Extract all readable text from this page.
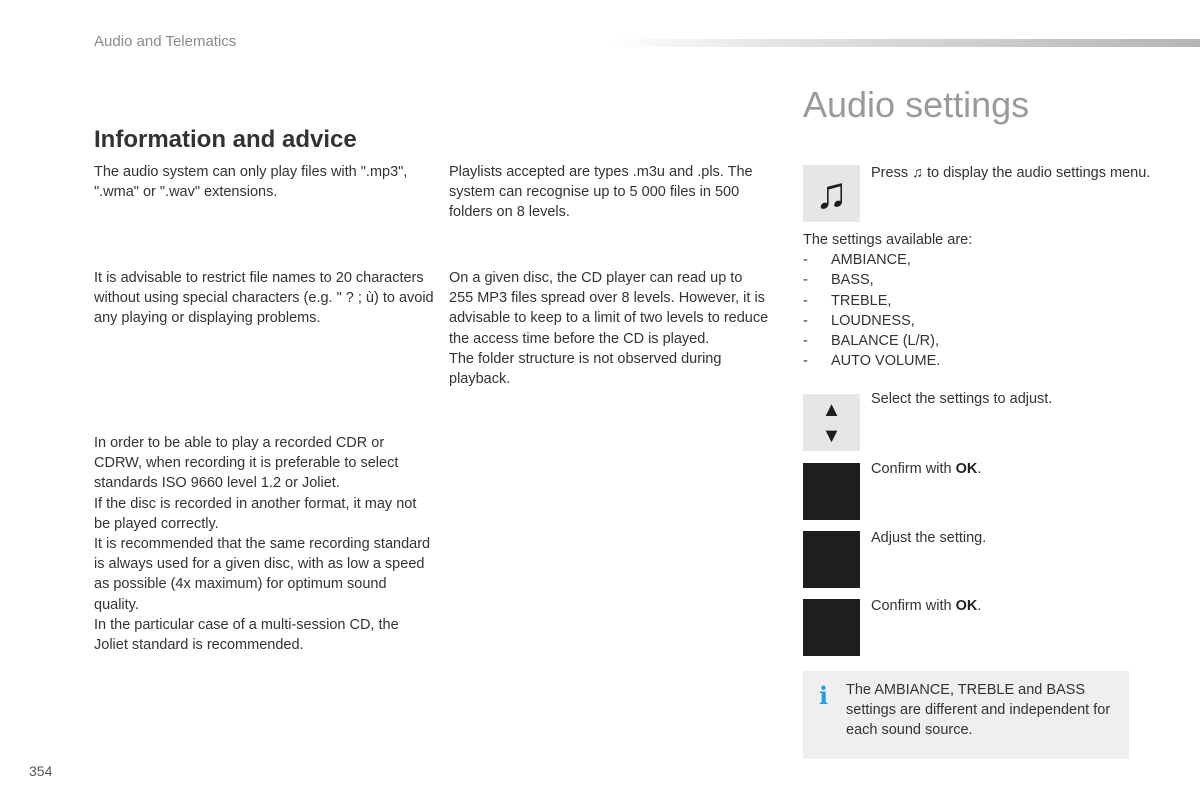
Audio and Telematics
Information and advice
The audio system can only play files with ".mp3", ".wma" or ".wav" extensions.
It is advisable to restrict file names to 20 characters without using special characters (e.g. " ? ; ù) to avoid any playing or displaying problems.
In order to be able to play a recorded CDR or CDRW, when recording it is preferable to select standards ISO 9660 level 1.2 or Joliet.
If the disc is recorded in another format, it may not be played correctly.
It is recommended that the same recording standard is always used for a given disc, with as low a speed as possible (4x maximum) for optimum sound quality.
In the particular case of a multi-session CD, the Joliet standard is recommended.
Playlists accepted are types .m3u and .pls. The system can recognise up to 5 000 files in 500 folders on 8 levels.
On a given disc, the CD player can read up to 255 MP3 files spread over 8 levels. However, it is advisable to keep to a limit of two levels to reduce the access time before the CD is played.
The folder structure is not observed during playback.
Audio settings
♫	Press ♫ to display the audio settings menu.
The settings available are:
-	AMBIANCE,
-	BASS,
-	TREBLE,
-	LOUDNESS,
-	BALANCE (L/R),
-	AUTO VOLUME.
▲
▼
Select the settings to adjust.
Confirm with OK.
Adjust the setting.
Confirm with OK.
i The AMBIANCE, TREBLE and BASS settings are different and independent for each sound source.
354
